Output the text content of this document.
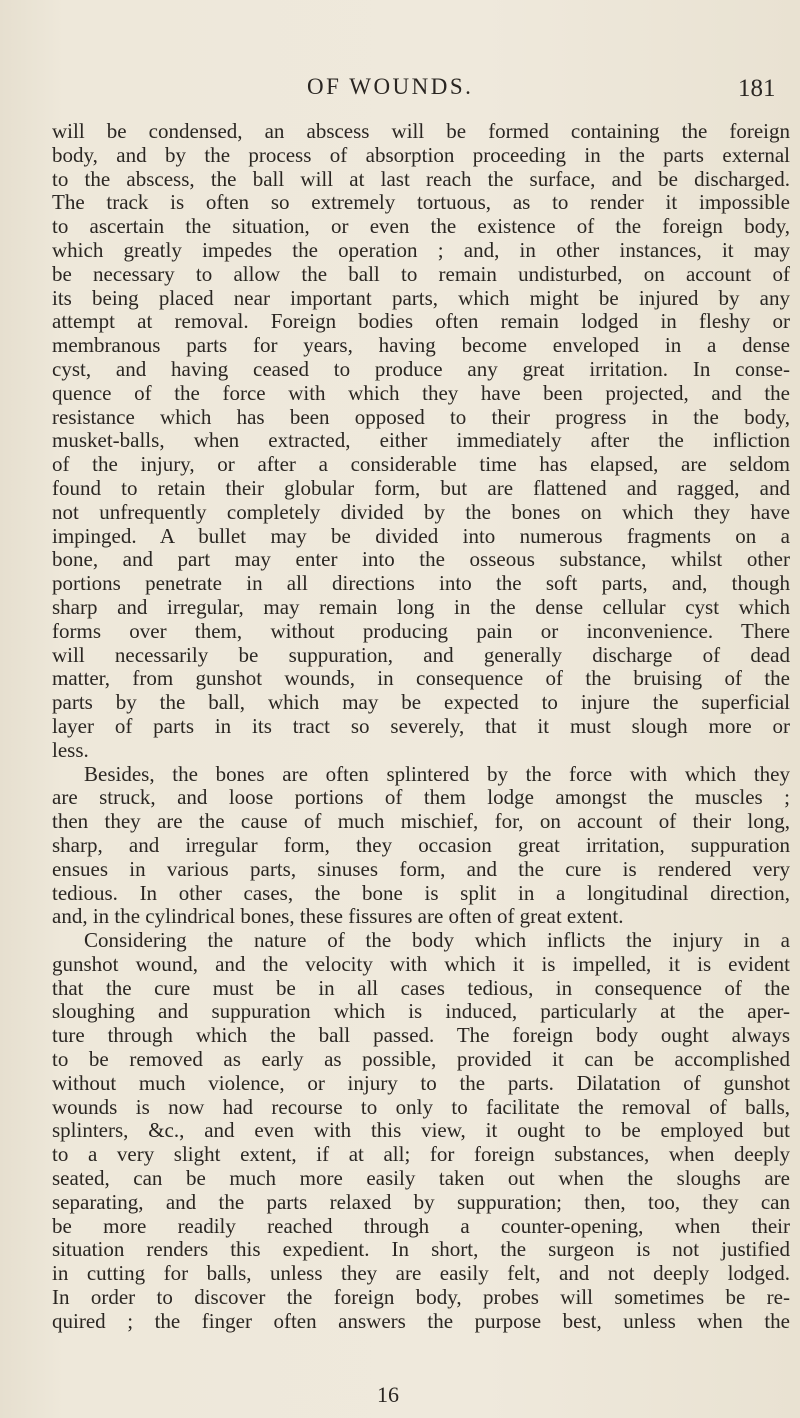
OF WOUNDS.	181
will be condensed, an abscess will be formed containing the foreign
body, and by the process of absorption proceeding in the parts external
to the abscess, the ball will at last reach the surface, and be discharged.
The track is often so extremely tortuous, as to render it impossible
to ascertain the situation, or even the existence of the foreign body,
which greatly impedes the operation ; and, in other instances, it may
be necessary to allow the ball to remain undisturbed, on account of
its being placed near important parts, which might be injured by any
attempt at removal. Foreign bodies often remain lodged in fleshy or
membranous parts for years, having become enveloped in a dense
cyst, and having ceased to produce any great irritation. In conse-
quence of the force with which they have been projected, and the
resistance which has been opposed to their progress in the body,
musket-balls, when extracted, either immediately after the infliction
of the injury, or after a considerable time has elapsed, are seldom
found to retain their globular form, but are flattened and ragged, and
not unfrequently completely divided by the bones on which they have
impinged. A bullet may be divided into numerous fragments on a
bone, and part may enter into the osseous substance, whilst other
portions penetrate in all directions into the soft parts, and, though
sharp and irregular, may remain long in the dense cellular cyst which
forms over them, without producing pain or inconvenience. There
will necessarily be suppuration, and generally discharge of dead
matter, from gunshot wounds, in consequence of the bruising of the
parts by the ball, which may be expected to injure the superficial
layer of parts in its tract so severely, that it must slough more or
less.
Besides, the bones are often splintered by the force with which they
are struck, and loose portions of them lodge amongst the muscles ;
then they are the cause of much mischief, for, on account of their long,
sharp, and irregular form, they occasion great irritation, suppuration
ensues in various parts, sinuses form, and the cure is rendered very
tedious. In other cases, the bone is split in a longitudinal direction,
and, in the cylindrical bones, these fissures are often of great extent.
Considering the nature of the body which inflicts the injury in a
gunshot wound, and the velocity with which it is impelled, it is evident
that the cure must be in all cases tedious, in consequence of the
sloughing and suppuration which is induced, particularly at the aper-
ture through which the ball passed. The foreign body ought always
to be removed as early as possible, provided it can be accomplished
without much violence, or injury to the parts. Dilatation of gunshot
wounds is now had recourse to only to facilitate the removal of balls,
splinters, &c., and even with this view, it ought to be employed but
to a very slight extent, if at all; for foreign substances, when deeply
seated, can be much more easily taken out when the sloughs are
separating, and the parts relaxed by suppuration; then, too, they can
be more readily reached through a counter-opening, when their
situation renders this expedient. In short, the surgeon is not justified
in cutting for balls, unless they are easily felt, and not deeply lodged.
In order to discover the foreign body, probes will sometimes be re-
quired ; the finger often answers the purpose best, unless when the
16
